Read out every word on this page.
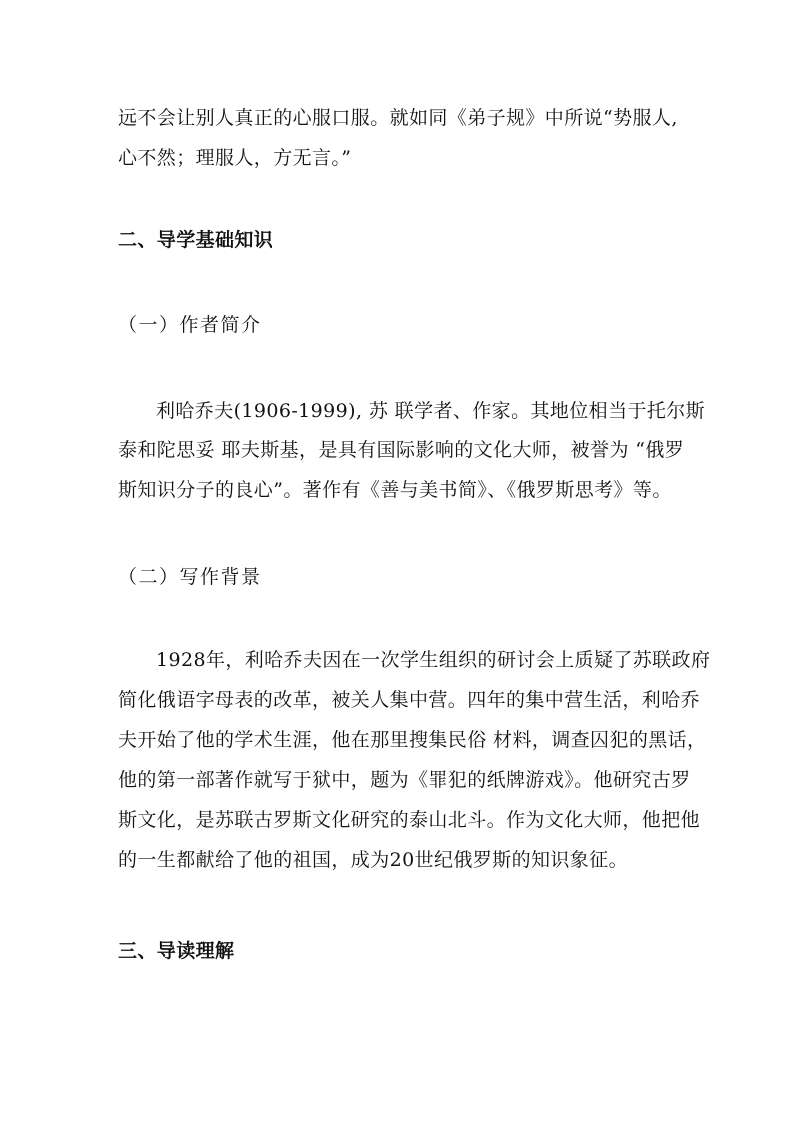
远不会让别人真正的心服口服。就如同《弟子规》中所说“势服人,
心不然；理服人，方无言。”
二、导学基础知识
（一）作者简介
利哈乔夫(1906-1999), 苏 联学者、作家。其地位相当于托尔斯
泰和陀思妥 耶夫斯基，是具有国际影响的文化大师，被誉为 “俄罗
斯知识分子的良心”。著作有《善与美书简》、《俄罗斯思考》等。
（二）写作背景
1928年，利哈乔夫因在一次学生组织的研讨会上质疑了苏联政府
简化俄语字母表的改革，被关人集中营。四年的集中营生活，利哈乔
夫开始了他的学术生涯，他在那里搜集民俗 材料，调查囚犯的黑话，
他的第一部著作就写于狱中，题为《罪犯的纸牌游戏》。他研究古罗
斯文化，是苏联古罗斯文化研究的泰山北斗。作为文化大师，他把他
的一生都献给了他的祖国，成为20世纪俄罗斯的知识象征。
三、导读理解
